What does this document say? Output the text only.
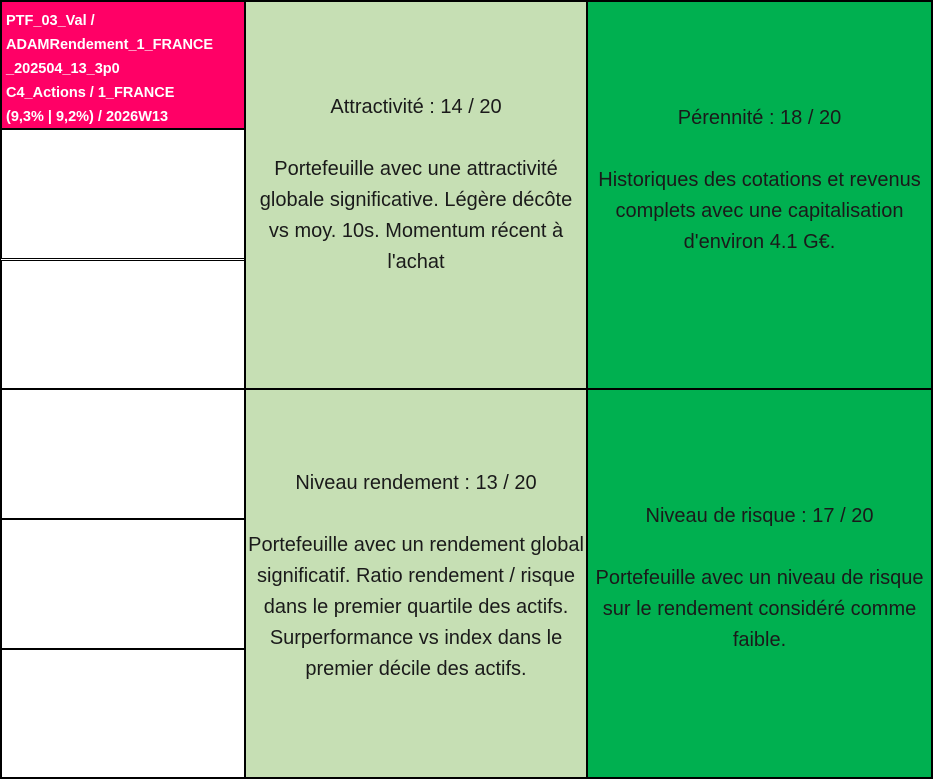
PTF_03_Val /
ADAMRendement_1_FRANCE
_202504_13_3p0
C4_Actions / 1_FRANCE
(9,3% | 9,2%) / 2026W13	Attractivité : 14 / 20

Portefeuille avec une attractivité globale significative. Légère décôte vs moy. 10s. Momentum récent à l'achat

Pérennité : 18 / 20

Historiques des cotations et revenus complets avec une capitalisation d'environ 4.1 G€.

Niveau rendement : 13 / 20

Portefeuille avec un rendement global significatif. Ratio rendement / risque dans le premier quartile des actifs. Surperformance vs index dans le premier décile des actifs.

Niveau de risque : 17 / 20

Portefeuille avec un niveau de risque sur le rendement considéré comme faible.
